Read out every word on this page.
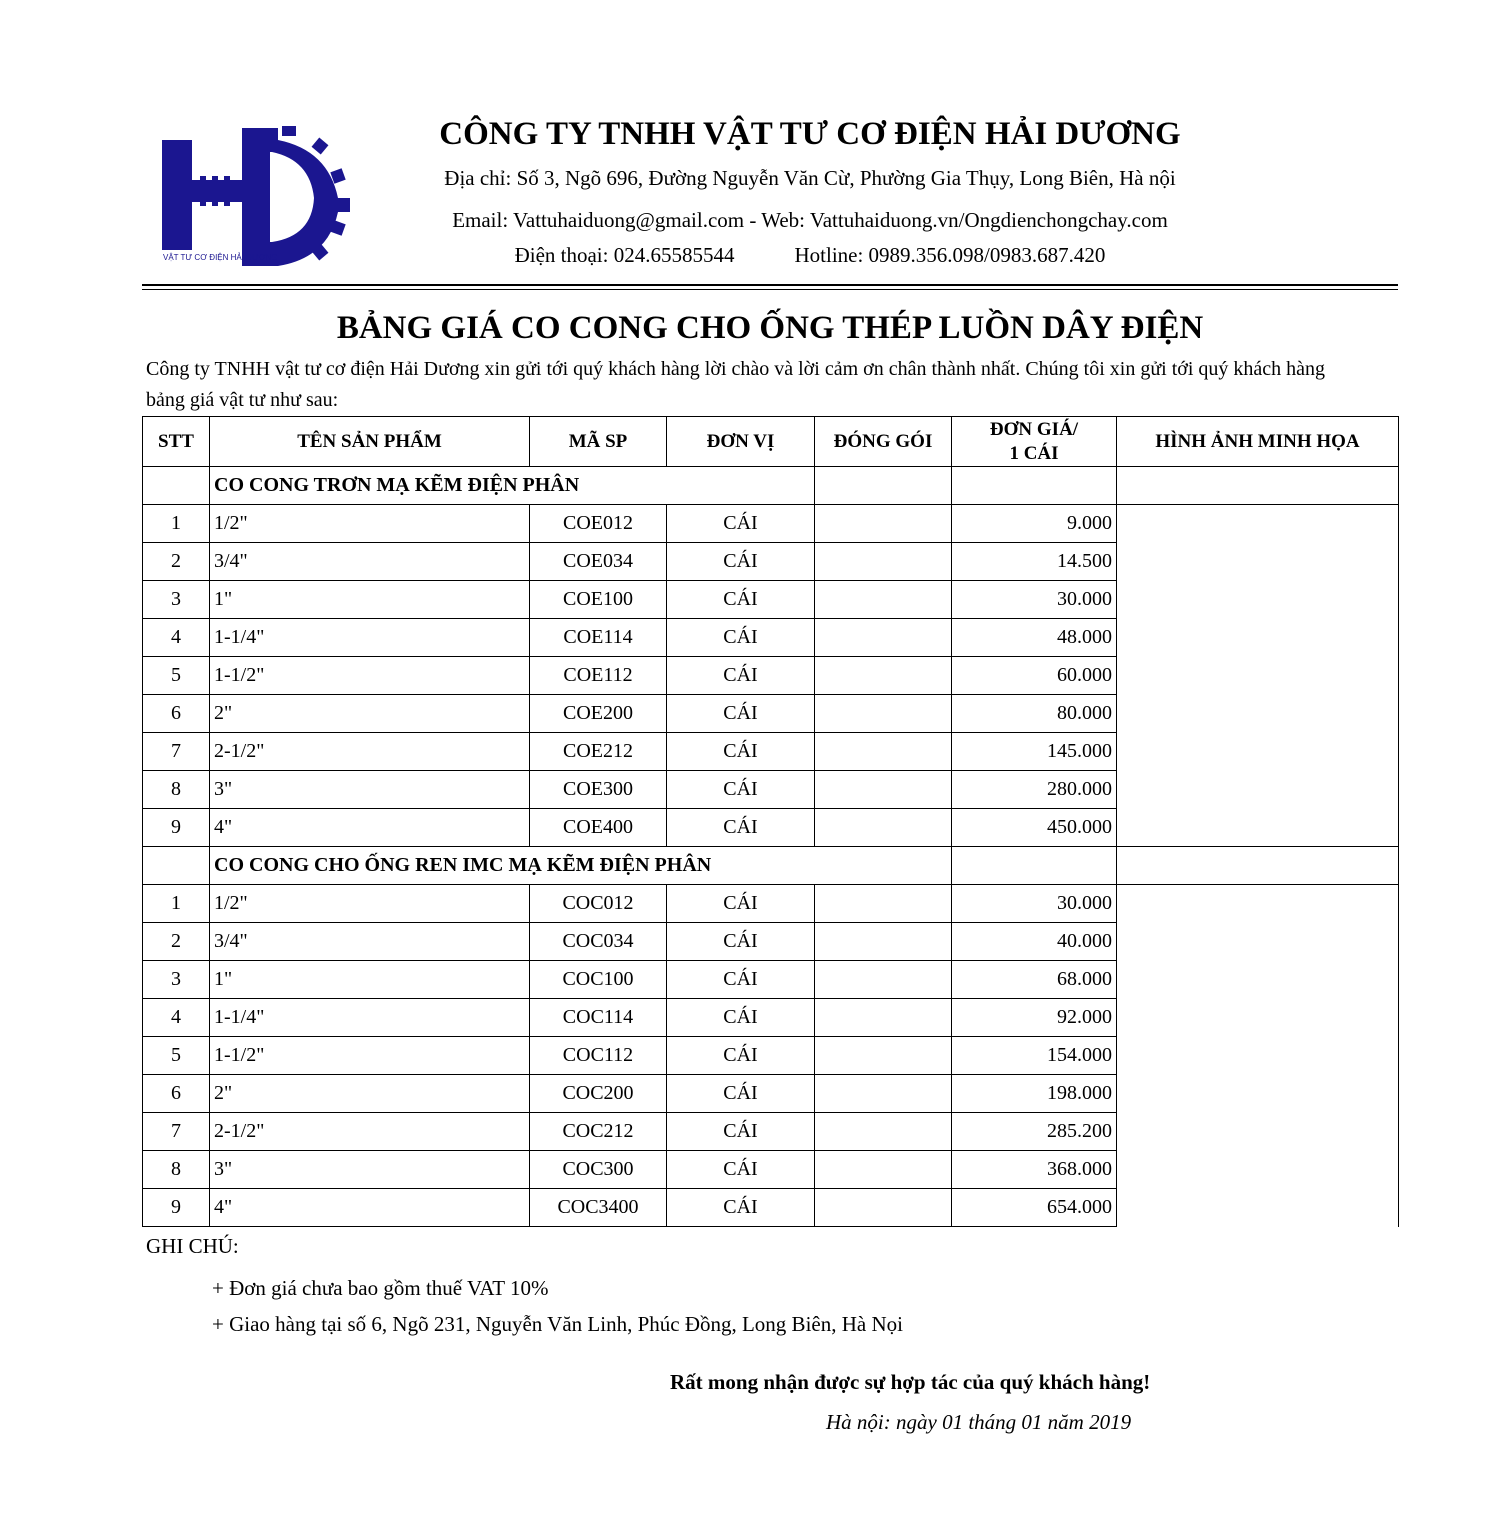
VẬT TƯ CƠ ĐIỆN HẢI DƯƠNG
CÔNG TY TNHH VẬT TƯ CƠ ĐIỆN HẢI DƯƠNG
Địa chỉ: Số 3, Ngõ 696, Đường Nguyễn Văn Cừ, Phường Gia Thụy, Long Biên, Hà nội
Email: Vattuhaiduong@gmail.com - Web: Vattuhaiduong.vn/Ongdienchongchay.com
Điện thoại: 024.65585544	Hotline: 0989.356.098/0983.687.420
BẢNG GIÁ CO CONG CHO ỐNG THÉP LUỒN DÂY ĐIỆN
Công ty TNHH vật tư cơ điện Hải Dương xin gửi tới quý khách hàng lời chào và lời cảm ơn chân thành nhất. Chúng tôi xin gửi tới quý khách hàng bảng giá vật tư như sau:
STT	TÊN SẢN PHẨM	MÃ SP	ĐƠN VỊ	ĐÓNG GÓI	ĐƠN GIÁ/
1 CÁI	HÌNH ẢNH MINH HỌA	
	CO CONG TRƠN MẠ KẼM ĐIỆN PHÂN				

1	1/2"	COE012	CÁI		9.000		
2	3/4"	COE034	CÁI		14.500		
3	1"	COE100	CÁI		30.000		
4	1-1/4"	COE114	CÁI		48.000		
5	1-1/2"	COE112	CÁI		60.000		
6	2"	COE200	CÁI		80.000		
7	2-1/2"	COE212	CÁI		145.000		
8	3"	COE300	CÁI		280.000		
9	4"	COE400	CÁI		450.000		
	CO CONG CHO ỐNG REN IMC MẠ KẼM ĐIỆN PHÂN			

1	1/2"	COC012	CÁI		30.000		
2	3/4"	COC034	CÁI		40.000		
3	1"	COC100	CÁI		68.000		
4	1-1/4"	COC114	CÁI		92.000		
5	1-1/2"	COC112	CÁI		154.000		
6	2"	COC200	CÁI		198.000		
7	2-1/2"	COC212	CÁI		285.200		
8	3"	COC300	CÁI		368.000		
9	4"	COC3400	CÁI		654.000		
GHI CHÚ:
+ Đơn giá chưa bao gồm thuế VAT 10%
+ Giao hàng tại số 6, Ngõ 231, Nguyễn Văn Linh, Phúc Đồng, Long Biên, Hà Nọi
Rất mong nhận được sự hợp tác của quý khách hàng!
Hà nội: ngày 01 tháng 01 năm 2019
